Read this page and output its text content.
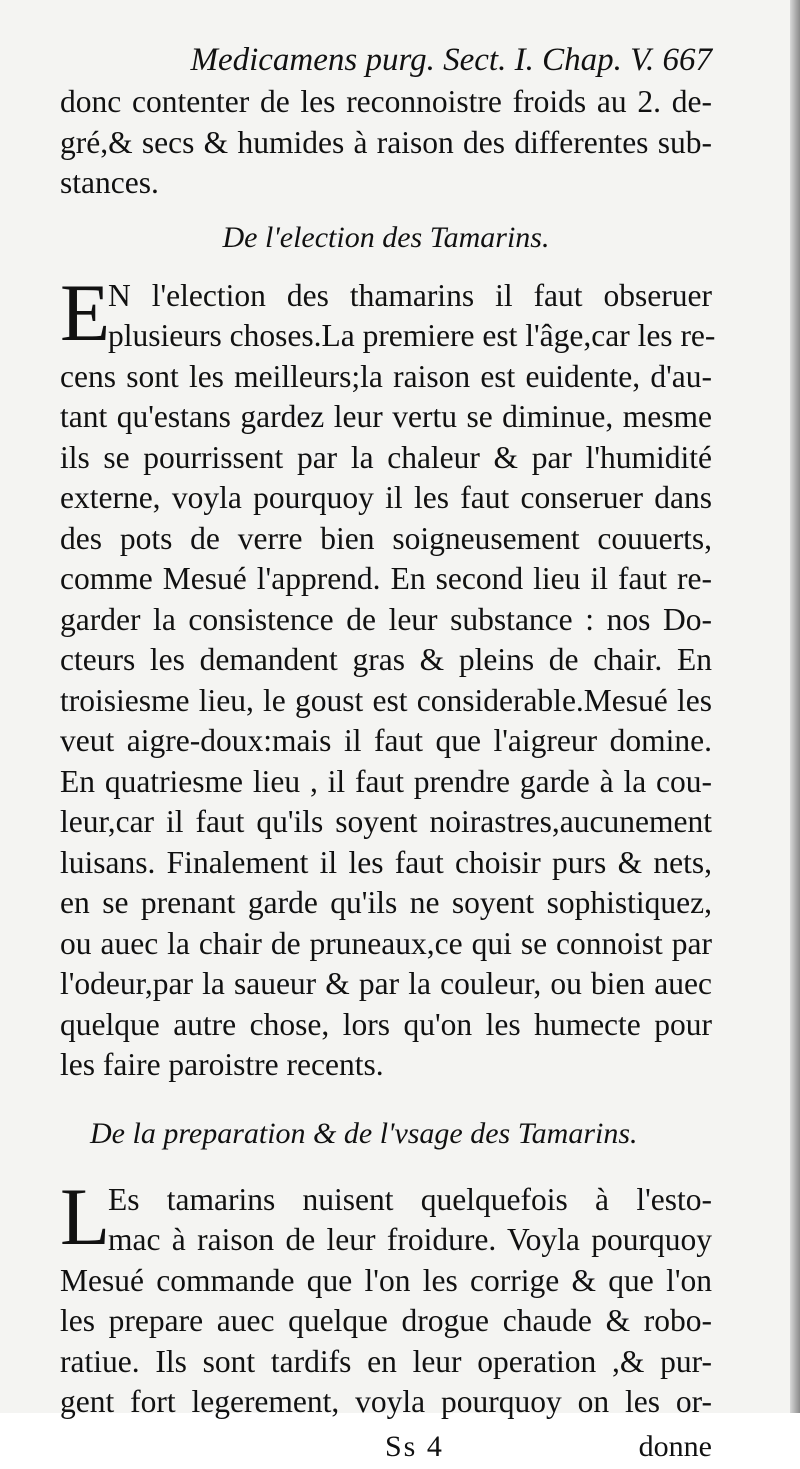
Medicamens purg. Sect. I. Chap. V. 667
donc contenter de les reconnoistre froids au 2. de-
gré,& secs & humides à raison des differentes sub-
stances.
De l'election des Tamarins.
E
N l'election des thamarins il faut obseruer
plusieurs choses.La premiere est l'âge,car les re-
cens sont les meilleurs;la raison est euidente, d'au-
tant qu'estans gardez leur vertu se diminue, mesme
ils se pourrissent par la chaleur & par l'humidité
externe, voyla pourquoy il les faut conseruer dans
des pots de verre bien soigneusement couuerts,
comme Mesué l'apprend. En second lieu il faut re-
garder la consistence de leur substance : nos Do-
cteurs les demandent gras & pleins de chair. En
troisiesme lieu, le goust est considerable.Mesué les
veut aigre-doux:mais il faut que l'aigreur domine.
En quatriesme lieu , il faut prendre garde à la cou-
leur,car il faut qu'ils soyent noirastres,aucunement
luisans. Finalement il les faut choisir purs & nets,
en se prenant garde qu'ils ne soyent sophistiquez,
ou auec la chair de pruneaux,ce qui se connoist par
l'odeur,par la saueur & par la couleur, ou bien auec
quelque autre chose, lors qu'on les humecte pour
les faire paroistre recents.
De la preparation & de l'vsage des Tamarins.
L
Es tamarins nuisent quelquefois à l'esto-
mac à raison de leur froidure. Voyla pourquoy
Mesué commande que l'on les corrige & que l'on
les prepare auec quelque drogue chaude & robo-
ratiue. Ils sont tardifs en leur operation ,& pur-
gent fort legerement, voyla pourquoy on les or-
Ss 4	donne
